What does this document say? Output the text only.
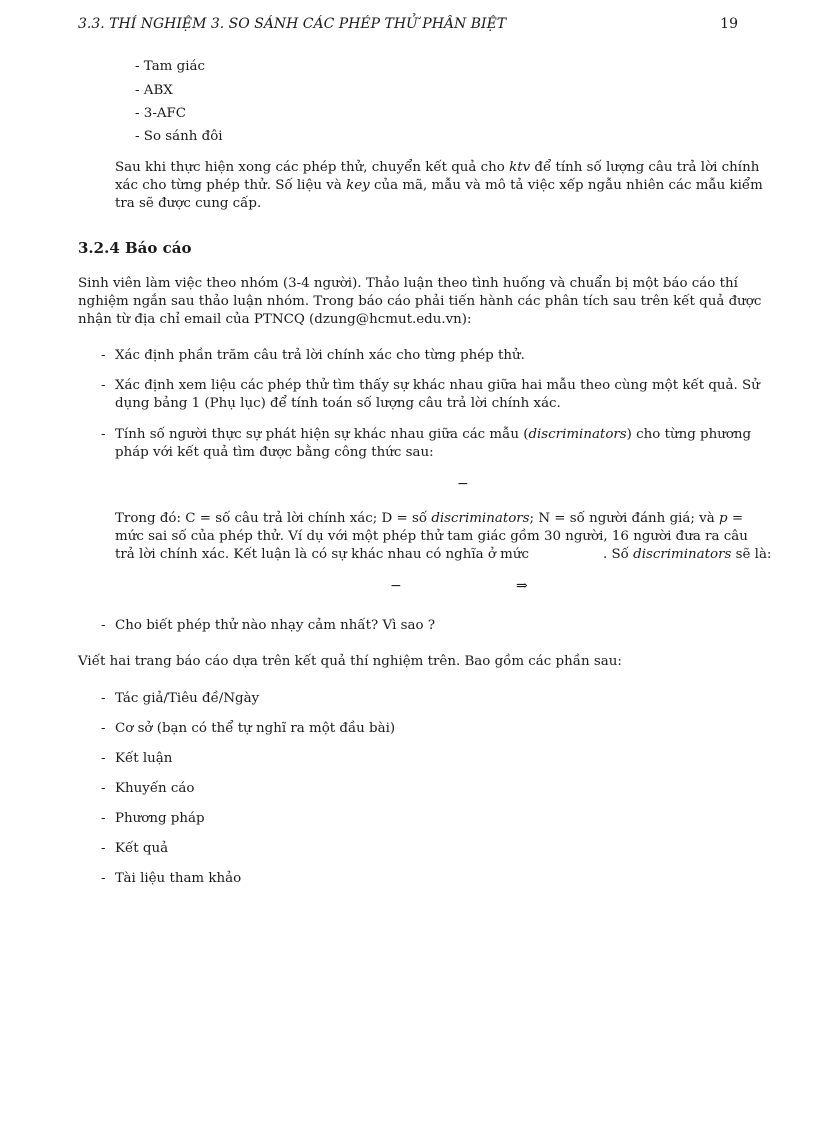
3.3. THÍ NGHIỆM 3. SO SÁNH CÁC PHÉP THỬ PHÂN BIỆT	19
- Tam giác
- ABX
- 3-AFC
- So sánh đôi
Sau khi thực hiện xong các phép thử, chuyển kết quả cho ktv để tính số lượng câu trả lời chính
xác cho từng phép thử. Số liệu và key của mã, mẫu và mô tả việc xếp ngẫu nhiên các mẫu kiểm
tra sẽ được cung cấp.
3.2.4 Báo cáo
Sinh viên làm việc theo nhóm (3-4 người). Thảo luận theo tình huống và chuẩn bị một báo cáo thí
nghiệm ngắn sau thảo luận nhóm. Trong báo cáo phải tiến hành các phân tích sau trên kết quả được
nhận từ địa chỉ email của PTNCQ (dzung@hcmut.edu.vn):
- Xác định phần trăm câu trả lời chính xác cho từng phép thử.
- Xác định xem liệu các phép thử tìm thấy sự khác nhau giữa hai mẫu theo cùng một kết quả. Sử
dụng bảng 1 (Phụ lục) để tính toán số lượng câu trả lời chính xác.
- Tính số người thực sự phát hiện sự khác nhau giữa các mẫu (discriminators) cho từng phương
pháp với kết quả tìm được bằng công thức sau:
−
Trong đó: C = số câu trả lời chính xác; D = số discriminators; N = số người đánh giá; và p =
mức sai số của phép thử. Ví dụ với một phép thử tam giác gồm 30 người, 16 người đưa ra câu
trả lời chính xác. Kết luận là có sự khác nhau có nghĩa ở mức	. Số discriminators sẽ là:
−	⇒
- Cho biết phép thử nào nhạy cảm nhất? Vì sao ?
Viết hai trang báo cáo dựa trên kết quả thí nghiệm trên. Bao gồm các phần sau:
- Tác giả/Tiêu đề/Ngày
- Cơ sở (bạn có thể tự nghĩ ra một đầu bài)
- Kết luận
- Khuyến cáo
- Phương pháp
- Kết quả
- Tài liệu tham khảo
